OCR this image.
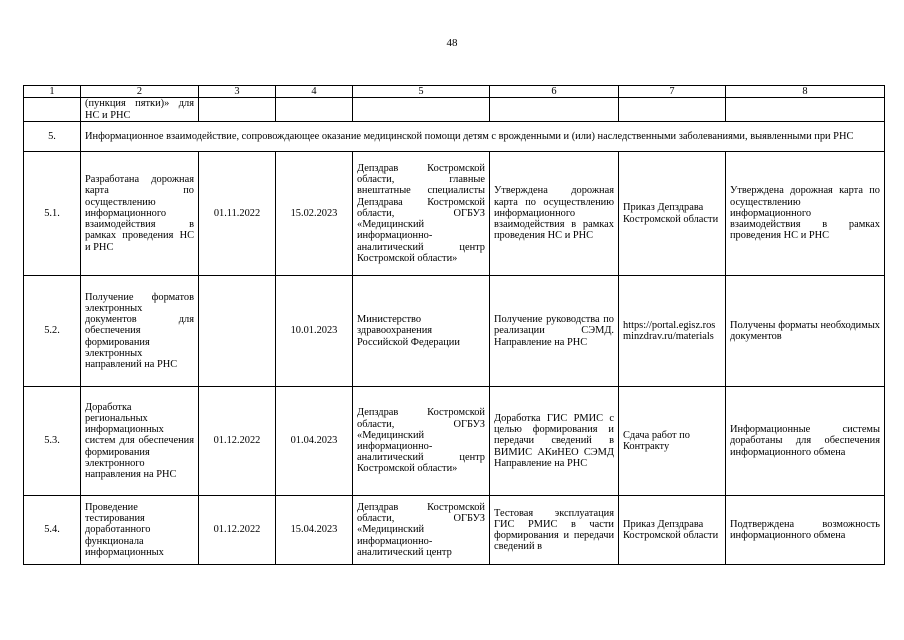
48
1	2	3	4	5	6	7	8
	(пункция пятки)» для НС и РНС						
5.	Информационное взаимодействие, сопровождающее оказание медицинской помощи детям с врожденными и (или) наследственными заболеваниями, выявленными при РНС						
5.1.	Разработана дорожная карта по осуществлению информационного взаимодействия в рамках проведения НС и РНС	01.11.2022	15.02.2023	Депздрав Костромской области, главные внештатные специалисты Депздрава Костромской области, ОГБУЗ «Медицинский информационно-аналитический центр Костромской области»	Утверждена дорожная карта по осуществлению информационного взаимодействия в рамках проведения НС и РНС	Приказ Депздрава Костромской области	Утверждена дорожная карта по осуществлению информационного взаимодействия в рамках проведения НС и РНС
5.2.	Получение форматов электронных документов для обеспечения формирования электронных направлений на РНС		10.01.2023	Министерство здравоохранения Российской Федерации	Получение руководства по реализации СЭМД. Направление на РНС	https://portal.egisz.rosminzdrav.ru/materials	Получены форматы необходимых документов
5.3.	Доработка региональных информационных систем для обеспечения формирования электронного направления на РНС	01.12.2022	01.04.2023	Депздрав Костромской области, ОГБУЗ «Медицинский информационно-аналитический центр Костромской области»	Доработка ГИС РМИС с целью формирования и передачи сведений в ВИМИС АКиНЕО СЭМД Направление на РНС	Сдача работ по Контракту	Информационные системы доработаны для обеспечения информационного обмена
5.4.	Проведение тестирования доработанного функционала информационных	01.12.2022	15.04.2023	Депздрав Костромской области, ОГБУЗ «Медицинский информационно-аналитический центр	Тестовая эксплуатация ГИС РМИС в части формирования и передачи сведений в	Приказ Депздрава Костромской области	Подтверждена возможность информационного обмена
